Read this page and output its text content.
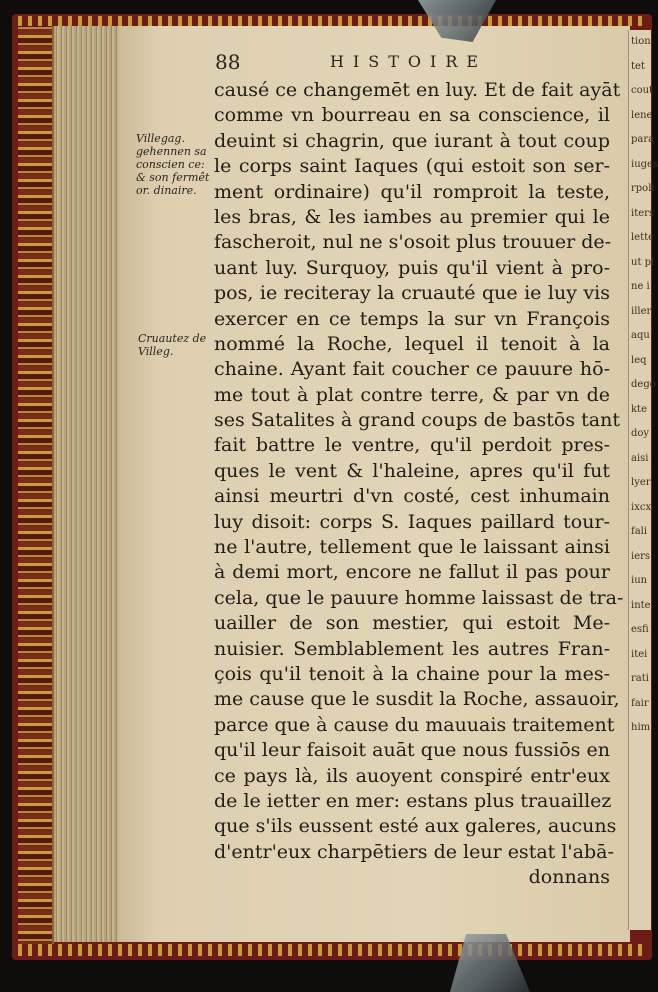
tion
tet
cout
lene
para
iuges
rpoli
iters
lette
ut pl
ne i
iller
aqu
leq
dego
kte
doy
aisi
lyer
ixcx
fali
iers
iun
inte
esfi
itei
rati
fair
him
88	HISTOIRE
Villegag. gehennen sa conscien ce: & son fermêt or. dinaire.
Cruautez de Villeg.
causé ce changemēt en luy. Et de fait ayāt
comme vn bourreau en sa conscience, il
deuint si chagrin, que iurant à tout coup
le corps saint Iaques (qui estoit son ser-
ment ordinaire) qu'il romproit la teste,
les bras, & les iambes au premier qui le
fascheroit, nul ne s'osoit plus trouuer de-
uant luy. Surquoy, puis qu'il vient à pro-
pos, ie reciteray la cruauté que ie luy vis
exercer en ce temps la sur vn François
nommé la Roche, lequel il tenoit à la
chaine. Ayant fait coucher ce pauure hō-
me tout à plat contre terre, & par vn de
ses Satalites à grand coups de bastōs tant
fait battre le ventre, qu'il perdoit pres-
ques le vent & l'haleine, apres qu'il fut
ainsi meurtri d'vn costé, cest inhumain
luy disoit: corps S. Iaques paillard tour-
ne l'autre, tellement que le laissant ainsi
à demi mort, encore ne fallut il pas pour
cela, que le pauure homme laissast de tra-
uailler de son mestier, qui estoit Me-
nuisier. Semblablement les autres Fran-
çois qu'il tenoit à la chaine pour la mes-
me cause que le susdit la Roche, assauoir,
parce que à cause du mauuais traitement
qu'il leur faisoit auāt que nous fussiōs en
ce pays là, ils auoyent conspiré entr'eux
de le ietter en mer: estans plus trauaillez
que s'ils eussent esté aux galeres, aucuns
d'entr'eux charpētiers de leur estat l'abā-
donnans
